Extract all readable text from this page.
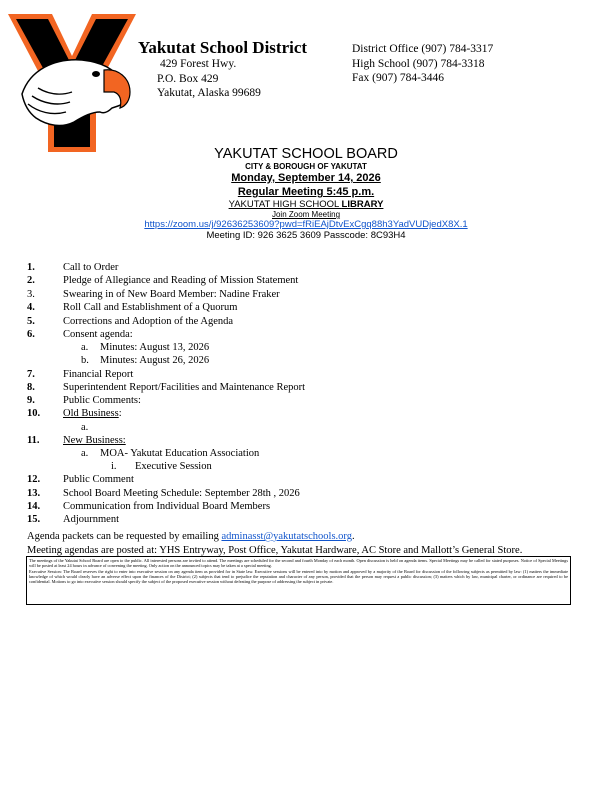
Yakutat School District
429 Forest Hwy.
P.O. Box 429
Yakutat, Alaska 99689
District Office (907) 784-3317
High School (907) 784-3318
Fax (907) 784-3446
YAKUTAT SCHOOL BOARD
CITY & BOROUGH OF YAKUTAT
Monday, September 14, 2026
Regular Meeting 5:45 p.m.
YAKUTAT HIGH SCHOOL LIBRARY
Join Zoom Meeting
https://zoom.us/j/92636253609?pwd=fRiEAjDtvExCgq88h3YadVUDjedX8X.1
Meeting ID: 926 3625 3609 Passcode: 8C93H4
1.	Call to Order
2.	Pledge of Allegiance and Reading of Mission Statement
3.	Swearing in of New Board Member: Nadine Fraker
4.	Roll Call and Establishment of a Quorum
5.	Corrections and Adoption of the Agenda
6.	Consent agenda:
a. Minutes: August 13, 2026
b. Minutes: August 26, 2026
7.	Financial Report
8.	Superintendent Report/Facilities and Maintenance Report
9.	Public Comments:
10. Old Business:
a.
11. New Business:
a. MOA- Yakutat Education Association
i. Executive Session
12. Public Comment
13. School Board Meeting Schedule: September 28th , 2026
14. Communication from Individual Board Members
15. Adjournment
Agenda packets can be requested by emailing adminasst@yakutatschools.org.
Meeting agendas are posted at: YHS Entryway, Post Office, Yakutat Hardware, AC Store and Mallott’s General Store.
The meetings of the Yakutat School Board are open to the public. All interested persons are invited to attend. The meetings are scheduled for the second and fourth Monday of each month. Open discussion is held on agenda items. Special Meetings may be called for stated purposes. Notice of Special Meetings will be posted at least 24 hours in advance of convening the meeting. Only action on the announced topics may be taken at a special meeting.
Executive Session: The Board reserves the right to enter into executive session on any agenda item as provided for in State law. Executive sessions will be entered into by motion and approved by a majority of the Board for discussion of the following subjects as permitted by law: (1) matters the immediate knowledge of which would clearly have an adverse effect upon the finances of the District; (2) subjects that tend to prejudice the reputation and character of any person, provided that the person may request a public discussion; (3) matters which by law, municipal charter, or ordinance are required to be confidential. Motions to go into executive session should specify the subject of the proposed executive session without defeating the purpose of addressing the subject in private.
